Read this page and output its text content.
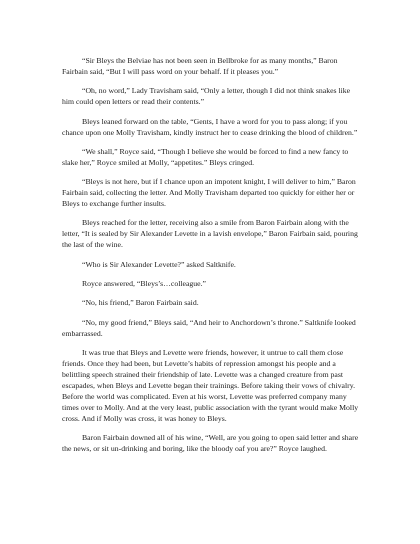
“Sir Bleys the Belviae has not been seen in Bellbroke for as many months,” Baron Fairbain said, “But I will pass word on your behalf. If it pleases you.”

“Oh, no word,” Lady Travisham said, “Only a letter, though I did not think snakes like him could open letters or read their contents.”

Bleys leaned forward on the table, “Gents, I have a word for you to pass along; if you chance upon one Molly Travisham, kindly instruct her to cease drinking the blood of children.”

“We shall,” Royce said, “Though I believe she would be forced to find a new fancy to slake her,” Royce smiled at Molly, “appetites.” Bleys cringed.

“Bleys is not here, but if I chance upon an impotent knight, I will deliver to him,” Baron Fairbain said, collecting the letter. And Molly Travisham departed too quickly for either her or Bleys to exchange further insults.

Bleys reached for the letter, receiving also a smile from Baron Fairbain along with the letter, “It is sealed by Sir Alexander Levette in a lavish envelope,” Baron Fairbain said, pouring the last of the wine.

“Who is Sir Alexander Levette?” asked Saltknife.

Royce answered, “Bleys’s…colleague.”

“No, his friend,” Baron Fairbain said.

“No, my good friend,” Bleys said, “And heir to Anchordown’s throne.” Saltknife looked embarrassed.

It was true that Bleys and Levette were friends, however, it untrue to call them close friends. Once they had been, but Levette’s habits of repression amongst his people and a belittling speech strained their friendship of late. Levette was a changed creature from past escapades, when Bleys and Levette began their trainings. Before taking their vows of chivalry. Before the world was complicated. Even at his worst, Levette was preferred company many times over to Molly. And at the very least, public association with the tyrant would make Molly cross. And if Molly was cross, it was honey to Bleys.

Baron Fairbain downed all of his wine, “Well, are you going to open said letter and share the news, or sit un-drinking and boring, like the bloody oaf you are?” Royce laughed.
